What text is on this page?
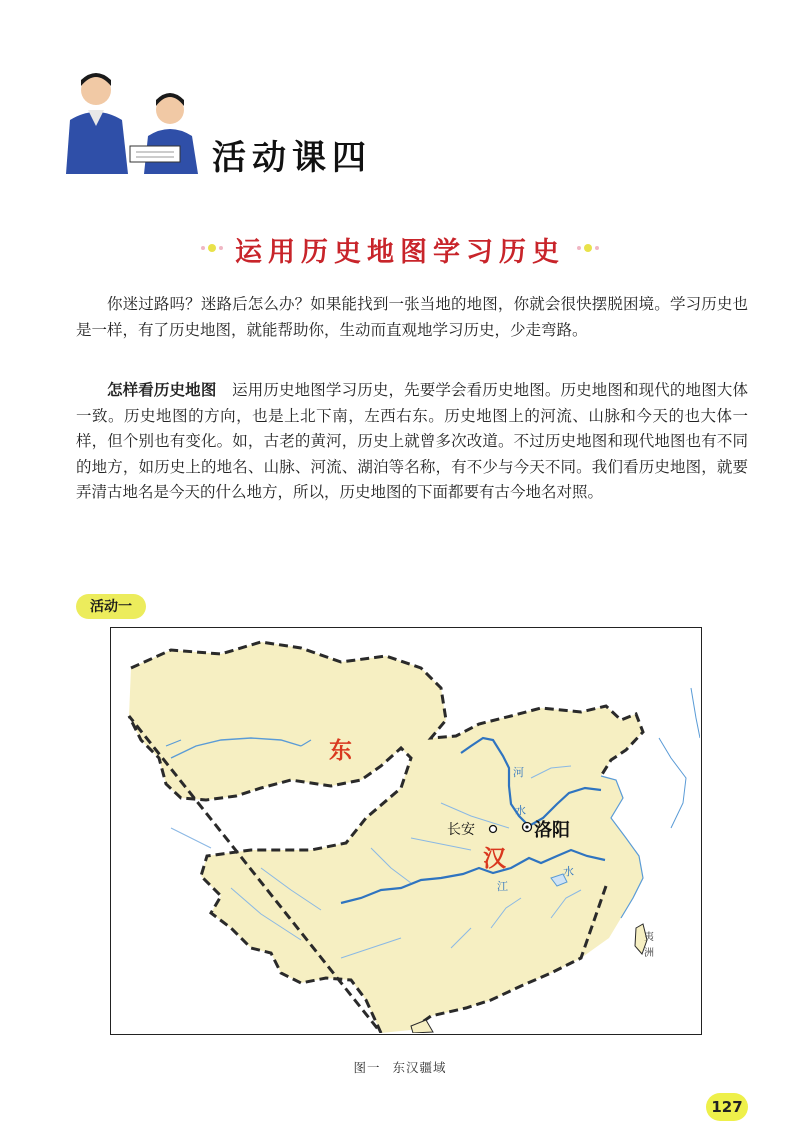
活动课四
运用历史地图学习历史

你迷过路吗？迷路后怎么办？如果能找到一张当地的地图，你就会很快摆脱困境。学习历史也是一样，有了历史地图，就能帮助你，生动而直观地学习历史，少走弯路。

怎样看历史地图　 运用历史地图学习历史，先要学会看历史地图。历史地图和现代的地图大体一致。历史地图的方向，也是上北下南，左西右东。历史地图上的河流、山脉和今天的也大体一样，但个别也有变化。如，古老的黄河，历史上就曾多次改道。不过历史地图和现代地图也有不同的地方，如历史上的地名、山脉、河流、湖泊等名称，有不少与今天不同。我们看历史地图，就要弄清古地名是今天的什么地方，所以，历史地图的下面都要有古今地名对照。

活动一
东
汉
长安	洛阳
河
水
江
水
夷
洲
图一 东汉疆域
127
